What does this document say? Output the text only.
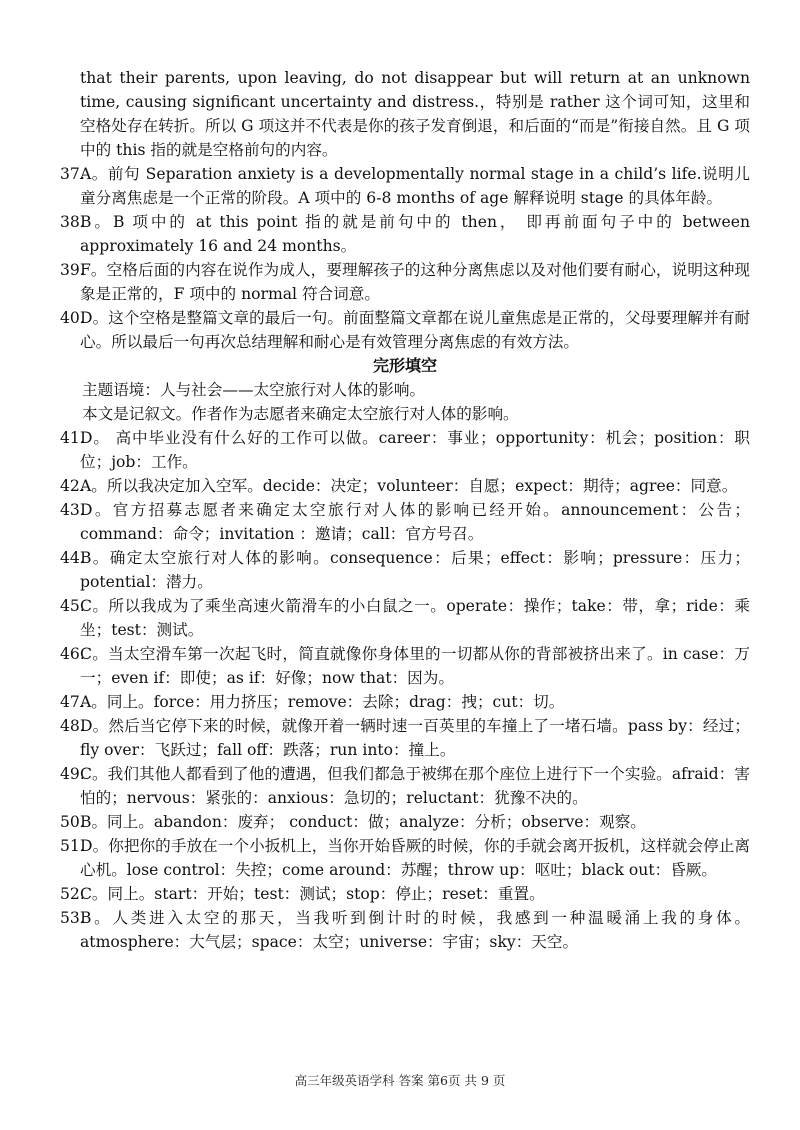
that their parents, upon leaving, do not disappear but will return at an unknown time, causing significant uncertainty and distress.，特别是 rather 这个词可知，这里和空格处存在转折。所以 G 项这并不代表是你的孩子发育倒退，和后面的“而是”衔接自然。且 G 项中的 this 指的就是空格前句的内容。

37.
A。前句 Separation anxiety is a developmentally normal stage in a child’s life.说明儿童分离焦虑是一个正常的阶段。A 项中的 6-8 months of age 解释说明 stage 的具体年龄。
38.
B。B 项中的 at this point 指的就是前句中的 then， 即再前面句子中的 between approximately 16 and 24 months。
39.
F。空格后面的内容在说作为成人，要理解孩子的这种分离焦虑以及对他们要有耐心，说明这种现象是正常的，F 项中的 normal 符合词意。
40.
D。这个空格是整篇文章的最后一句。前面整篇文章都在说儿童焦虑是正常的，父母要理解并有耐心。所以最后一句再次总结理解和耐心是有效管理分离焦虑的有效方法。

完形填空

主题语境：人与社会——太空旅行对人体的影响。

本文是记叙文。作者作为志愿者来确定太空旅行对人体的影响。

41.
D。 高中毕业没有什么好的工作可以做。career：事业；opportunity：机会；position：职位；job：工作。
42.
A。所以我决定加入空军。decide：决定；volunteer：自愿；expect：期待；agree：同意。
43.
D。官方招募志愿者来确定太空旅行对人体的影响已经开始。announcement：公告；command：命令；invitation ：邀请；call：官方号召。
44.
B。确定太空旅行对人体的影响。consequence：后果；effect：影响；pressure：压力；potential：潜力。
45.
C。所以我成为了乘坐高速火箭滑车的小白鼠之一。operate：操作；take：带，拿；ride：乘坐；test：测试。
46.
C。当太空滑车第一次起飞时，简直就像你身体里的一切都从你的背部被挤出来了。in case：万一；even if：即使；as if：好像；now that：因为。
47.
A。同上。force：用力挤压；remove：去除；drag：拽；cut：切。
48.
D。然后当它停下来的时候，就像开着一辆时速一百英里的车撞上了一堵石墙。pass by：经过；fly over：飞跃过；fall off：跌落；run into：撞上。
49.
C。我们其他人都看到了他的遭遇，但我们都急于被绑在那个座位上进行下一个实验。afraid：害怕的；nervous：紧张的：anxious：急切的；reluctant：犹豫不决的。
50.
B。同上。abandon：废弃； conduct：做；analyze：分析；observe：观察。
51.
D。你把你的手放在一个小扳机上，当你开始昏厥的时候，你的手就会离开扳机，这样就会停止离心机。lose control：失控；come around：苏醒；throw up：呕吐；black out：昏厥。
52.
C。同上。start：开始；test：测试；stop：停止；reset：重置。
53.
B。人类进入太空的那天，当我听到倒计时的时候，我感到一种温暖涌上我的身体。atmosphere：大气层；space：太空；universe：宇宙；sky：天空。
高三年级英语学科 答案 第6页 共 9 页
